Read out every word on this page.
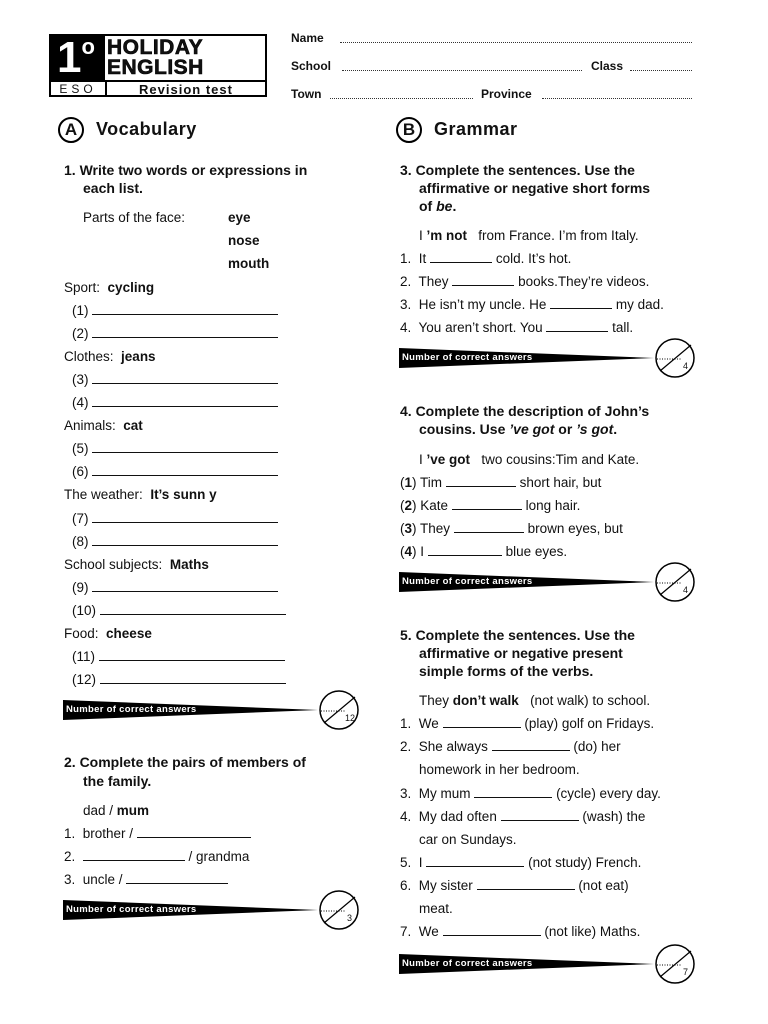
1$^o$ HOLIDAY
ENGLISH
ESO	Revision test
Name
School	Class
Town	Province
A	Vocabulary
1. Write two words or expressions in
each list.
Parts of the face:	eye
nose
mouth
Sport: cycling
(1)
(2)
Clothes: jeans
(3)
(4)
Animals: cat
(5)
(6)
The weather: It’s sunn y
(7)
(8)
School subjects: Maths
(9)
(10)
Food: cheese
(11)
(12)
Number of correct answers
12
2. Complete the pairs of members of
the family.
dad / mum
1. brother /
2.	/ grandma
3. uncle /
Number of correct answers
3
B	Grammar
3. Complete the sentences. Use the
affirmative or negative short forms
of be.
I ’m not from France. I’m from Italy.
1. It	cold. It’s hot.
2. They	books.They’re videos.
3. He isn’t my uncle. He	my dad.
4. You aren’t short. You	tall.
Number of correct answers
4
4. Complete the description of John’s
cousins. Use ’ve got or ’s got.
I ’ve got two cousins:Tim and Kate.
(1) Tim	short hair, but
(2) Kate	long hair.
(3) They	brown eyes, but
(4) I	blue eyes.
Number of correct answers
4
5. Complete the sentences. Use the
affirmative or negative present
simple forms of the verbs.
They don’t walk (not walk) to school.
1. We	(play) golf on Fridays.
2. She always	(do) her
homework in her bedroom.
3. My mum	(cycle) every day.
4. My dad often	(wash) the
car on Sundays.
5. I	(not study) French.
6. My sister	(not eat)
meat.
7. We	(not like) Maths.
Number of correct answers
7
